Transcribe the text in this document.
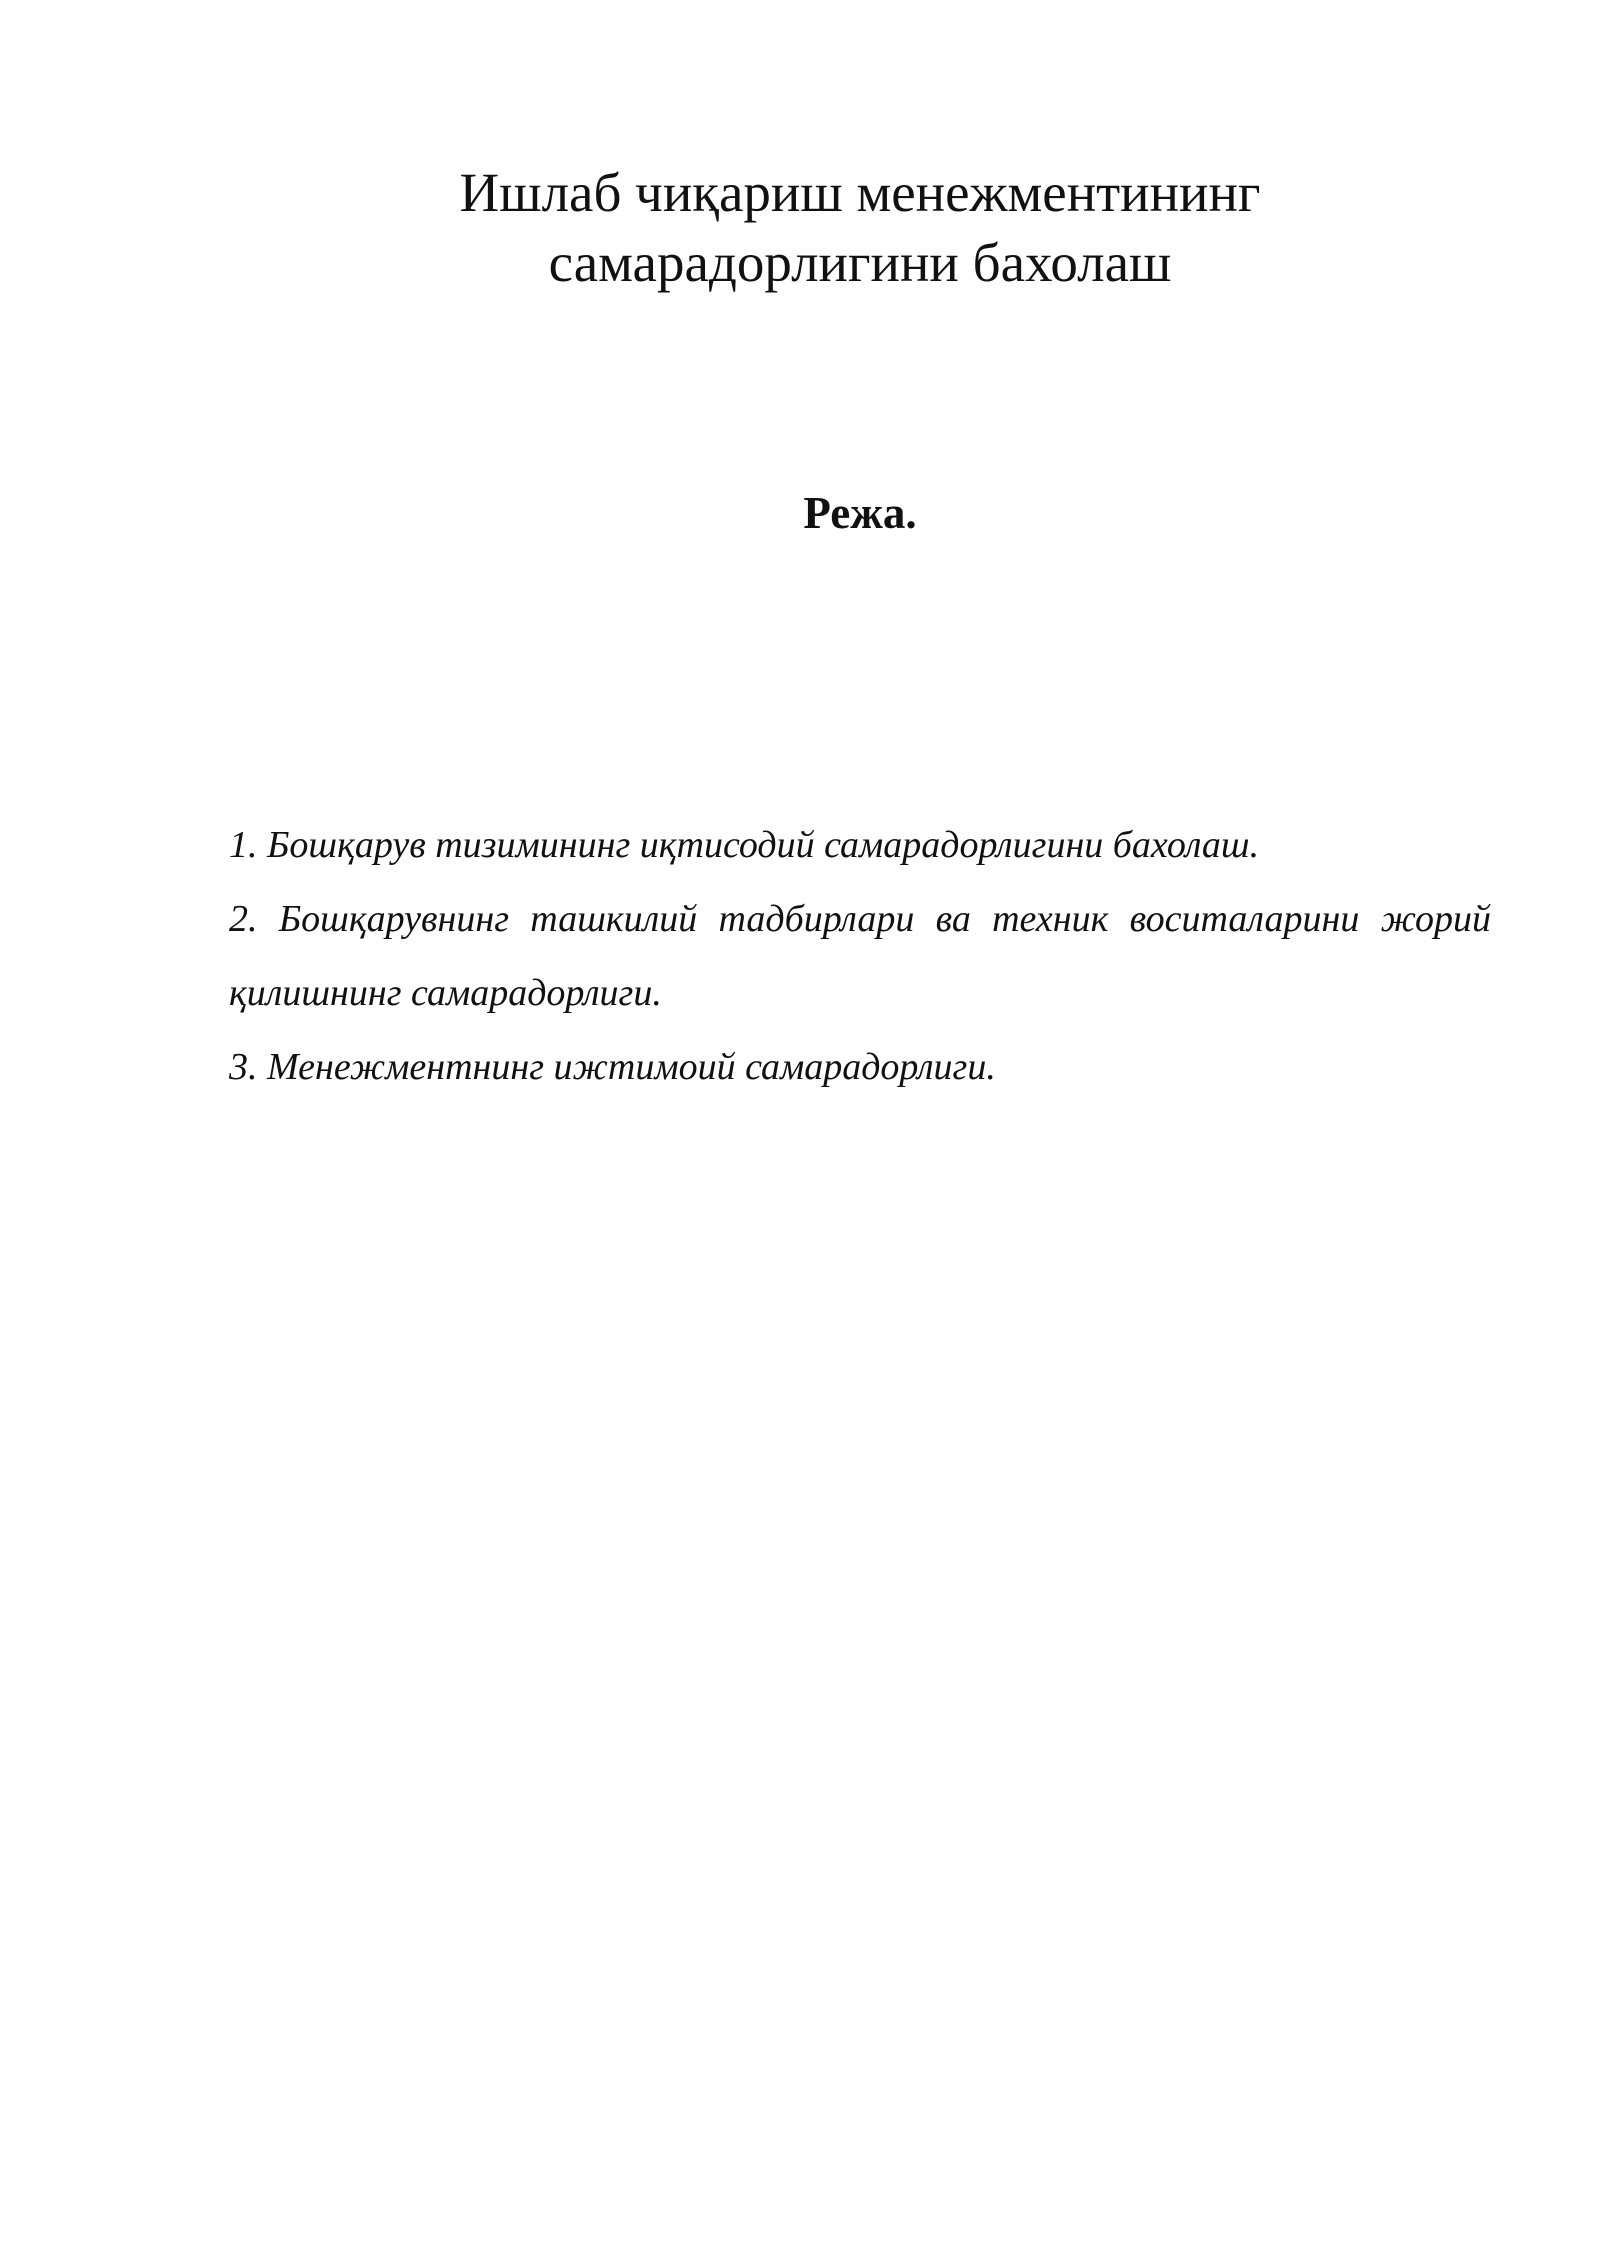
Ишлаб чиқариш менежментининг
самарадорлигини бахолаш
Режа.
1. Бошқарув тизимининг иқтисодий самарадорлигини бахолаш.
2. Бошқарувнинг ташкилий тадбирлари ва техник воситаларини жорий қилишнинг самарадорлиги.
3. Менежментнинг ижтимоий самарадорлиги.
